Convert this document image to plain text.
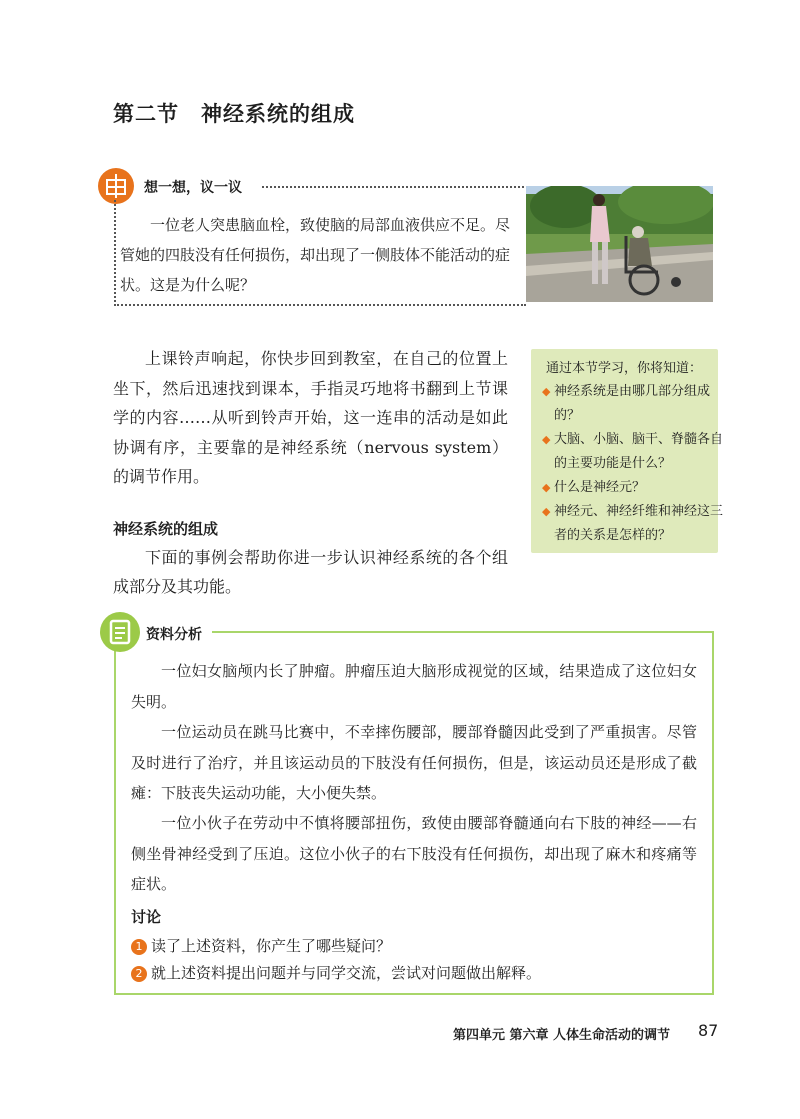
第二节 神经系统的组成
想一想，议一议
一位老人突患脑血栓，致使脑的局部血液供应不足。尽管她的四肢没有任何损伤，却出现了一侧肢体不能活动的症状。这是为什么呢？
上课铃声响起，你快步回到教室，在自己的位置上坐下，然后迅速找到课本，手指灵巧地将书翻到上节课学的内容……从听到铃声开始，这一连串的活动是如此协调有序，主要靠的是神经系统（nervous system）的调节作用。
通过本节学习，你将知道：
◆ 神经系统是由哪几部分组成的？
◆ 大脑、小脑、脑干、脊髓各自的主要功能是什么？
◆ 什么是神经元？
◆ 神经元、神经纤维和神经这三者的关系是怎样的？
神经系统的组成
下面的事例会帮助你进一步认识神经系统的各个组成部分及其功能。
资料分析
一位妇女脑颅内长了肿瘤。肿瘤压迫大脑形成视觉的区域，结果造成了这位妇女失明。
一位运动员在跳马比赛中，不幸摔伤腰部，腰部脊髓因此受到了严重损害。尽管及时进行了治疗，并且该运动员的下肢没有任何损伤，但是，该运动员还是形成了截瘫：下肢丧失运动功能，大小便失禁。
一位小伙子在劳动中不慎将腰部扭伤，致使由腰部脊髓通向右下肢的神经——右侧坐骨神经受到了压迫。这位小伙子的右下肢没有任何损伤，却出现了麻木和疼痛等症状。
讨论
1 读了上述资料，你产生了哪些疑问？
2 就上述资料提出问题并与同学交流，尝试对问题做出解释。
第四单元 第六章 人体生命活动的调节 87
